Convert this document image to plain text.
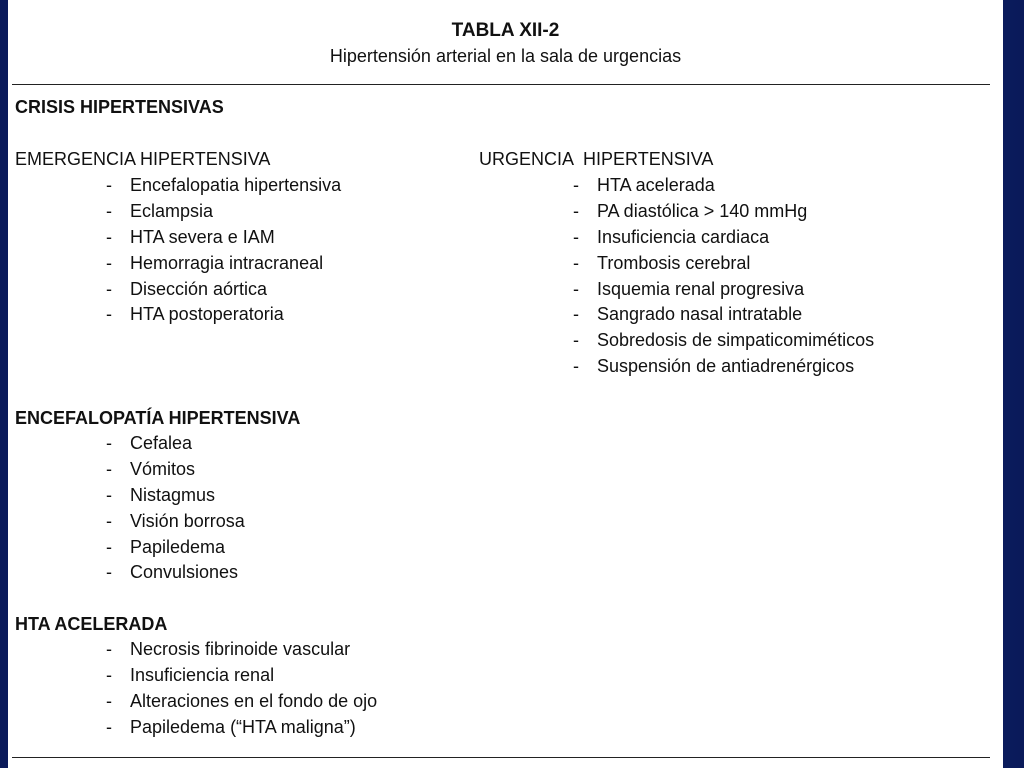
TABLA XII-2
Hipertensión arterial en la sala de urgencias
CRISIS HIPERTENSIVAS
EMERGENCIA HIPERTENSIVA
- Encefalopatia hipertensiva
- Eclampsia
- HTA severa e IAM
- Hemorragia intracraneal
- Disección aórtica
- HTA postoperatoria
URGENCIA  HIPERTENSIVA
- HTA acelerada
- PA diastólica > 140 mmHg
- Insuficiencia cardiaca
- Trombosis cerebral
- Isquemia renal progresiva
- Sangrado nasal intratable
- Sobredosis de simpaticomiméticos
- Suspensión de antiadrenérgicos
ENCEFALOPATÍA HIPERTENSIVA
- Cefalea
- Vómitos
- Nistagmus
- Visión borrosa
- Papiledema
- Convulsiones
HTA ACELERADA
- Necrosis fibrinoide vascular
- Insuficiencia renal
- Alteraciones en el fondo de ojo
- Papiledema (“HTA maligna”)
